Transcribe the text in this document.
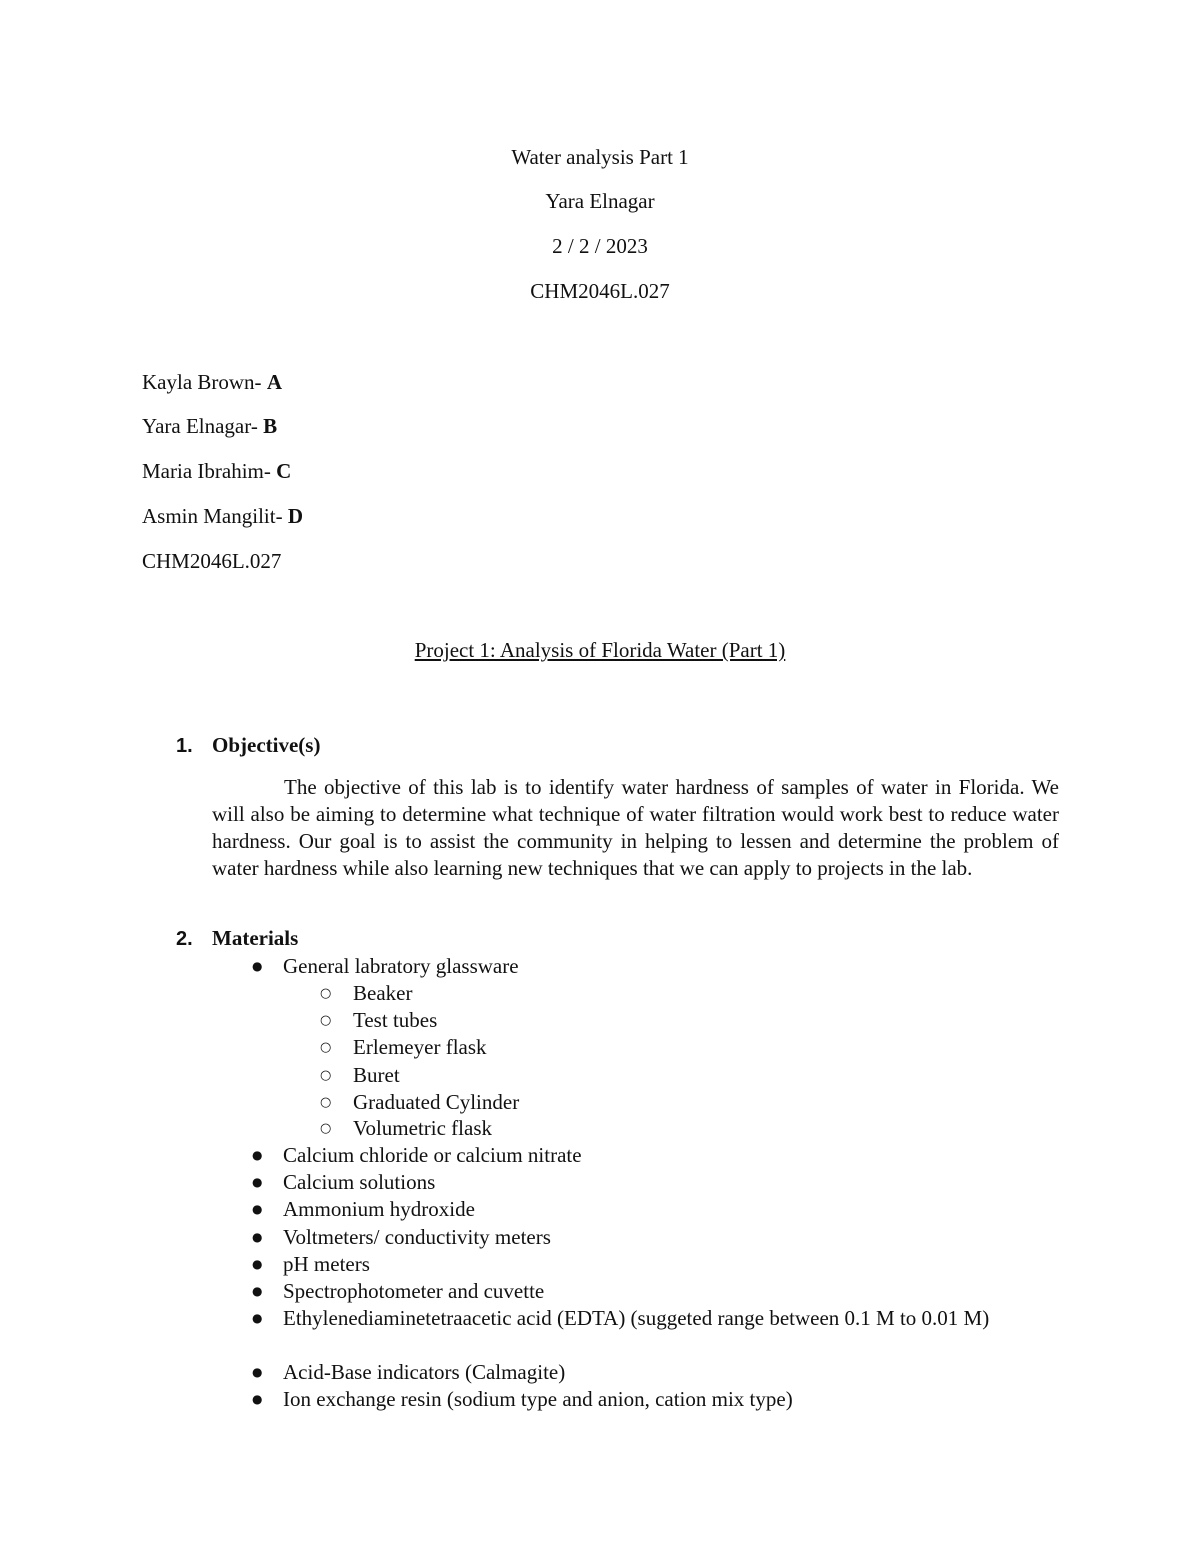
Water analysis Part 1
Yara Elnagar
2 / 2 / 2023
CHM2046L.027
Kayla Brown- A
Yara Elnagar- B
Maria Ibrahim- C
Asmin Mangilit- D
CHM2046L.027
Project 1: Analysis of Florida Water (Part 1)
1. Objective(s)

The objective of this lab is to identify water hardness of samples of water in Florida. We will also be aiming to determine what technique of water filtration would work best to reduce water hardness. Our goal is to assist the community in helping to lessen and determine the problem of water hardness while also learning new techniques that we can apply to projects in the lab.

2. Materials
● General labratory glassware
○ Beaker
○ Test tubes
○ Erlemeyer flask
○ Buret
○ Graduated Cylinder
○ Volumetric flask
● Calcium chloride or calcium nitrate
● Calcium solutions
● Ammonium hydroxide
● Voltmeters/ conductivity meters
● pH meters
● Spectrophotometer and cuvette
● Ethylenediaminetetraacetic acid (EDTA) (suggeted range between 0.1 M to 0.01 M)
● Acid-Base indicators (Calmagite)
● Ion exchange resin (sodium type and anion, cation mix type)
